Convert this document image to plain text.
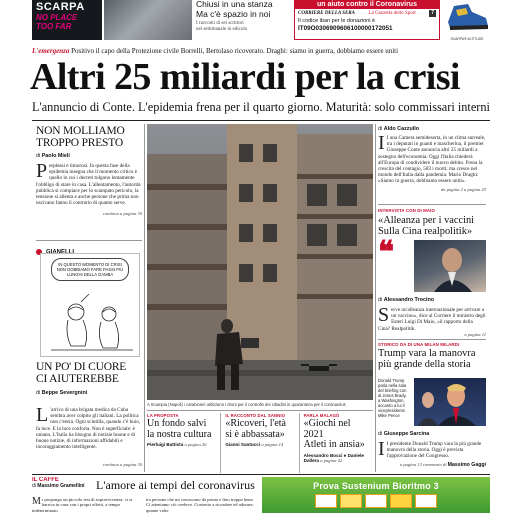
SCARPA
NO PLACE
TOO FAR
Chiusi in una stanza
Ma c'è spazio in noi
I racconti di sei scrittori
nel settimanale in edicola
un aiuto contro il Coronavirus
CORRIERE DELLA SERA	La Gazzetta dello Sport	7
Il codice iban per le donazioni è
IT09O0306909606100000172051
SCARPA® ALTITUDE
L'emergenza Positivo il capo della Protezione civile Borrelli, Bertolaso ricoverato. Draghi: siamo in guerra, dobbiamo essere uniti
Altri 25 miliardi per la crisi
L'annuncio di Conte. L'epidemia frena per il quarto giorno. Maturità: solo commissari interni
NON MOLLIAMO
TROPPO PRESTO
di Paolo Mieli

Perplessi e timorosi. In questa fase della epidemia insegna che il momento critico è quello in cui i decreti tolgono lentamente l'obbligo di stare in casa. L'allentamento, l'autorità pubblica si compiace per lo scampato pericolo, la tensione si allenta e anche persone che prima non uscivano fanno il contrario di quanto serve.

continua a pagina 30
IN QUESTO MOMENTO DI CRISI NON DOBBIAMO FARE PASSI PIÙ LUNGHI DELLA GAMBA
UN PO' DI CUORE
CI AIUTEREBBE
di Beppe Severgnini

L 'arrivo di una brigata medica da Cuba sembra aver colpito gli italiani. La politica non c'entra. Ogni scintilla, quando c'è buio, fa luce. E la luce conforta. Non è superficiale: è umano. L'Italia ha bisogno di notizie buone e di buone notizie, di informazioni affidabili e incoraggiamento intelligente.

continua a pagina 30
A Scampia (Napoli) i carabinieri utilizzano i droni per il controllo dei cittadini in quarantena per il coronavirus
LA PROPOSTA
Un fondo salvi
la nostra cultura
Pierluigi Battista a pagina 26
IL RACCONTO DAL SANNIO
«Ricoveri, l'età
si è abbassata»
Gianni Santucci a pagina 14
PARLA MALAGÒ
«Giochi nel 2021
Atleti in ansia»
Alessandro Bocci e Daniele Dallera a pagina 42
di Aldo Cazzullo

I I una Camera semideserta, in un clima surreale, tra i deputati in guanti e mascherina, il premier Giuseppe Conte annuncia altri 25 miliardi a sostegno dell'economia. Oggi l'Italia chiederà all'Europa di condividere il nuovo debito. Frena la crescita del contagio, 583 i morti; ma cresce nel mondo dell'Italia dalla pandemia. Mario Draghi: «Siamo in guerra, dobbiamo essere uniti».

da pagina 2 a pagina 25
INTERVISTA CON DI MAIO
«Alleanza per i vaccini
Sulla Cina realpolitik»
❝
di Alessandro Trocino

Serve un'alleanza internazionale per arrivare a un vaccino», dice al Corriere il ministro degli Esteri Luigi Di Maio, «il rapporto della Cina? Realpolitik.

a pagina 11
STORICO DA DI UNA MILAN MILARDI
Trump vara la manovra
più grande della storia

Donald Trump parla nella sala del briefing con al Jones Brady, a Washington, accanto a lui il vicepresidente Mike Pence

di Giuseppe Sarcina

I I presidente Donald Trump vara la più grande manovra della storia. Oggi è prevista l'approvazione del Congresso.

a pagina 13 commento di Massimo Gaggi
IL CAFFÈ
di Massimo Gramellini L'amore ai tempi del coronavirus

Mi propongo un piccolo test di sopravvivenza: ci si barrica in casa con i propri affetti, a tempo indeterminato.

tra persone che mi conoscono da prima e fino troppo bene. Ci atteniamo ciò credevo. Costretto a ricordare ed adorare, quante volte

Prova Sustenium Bioritmo 3
